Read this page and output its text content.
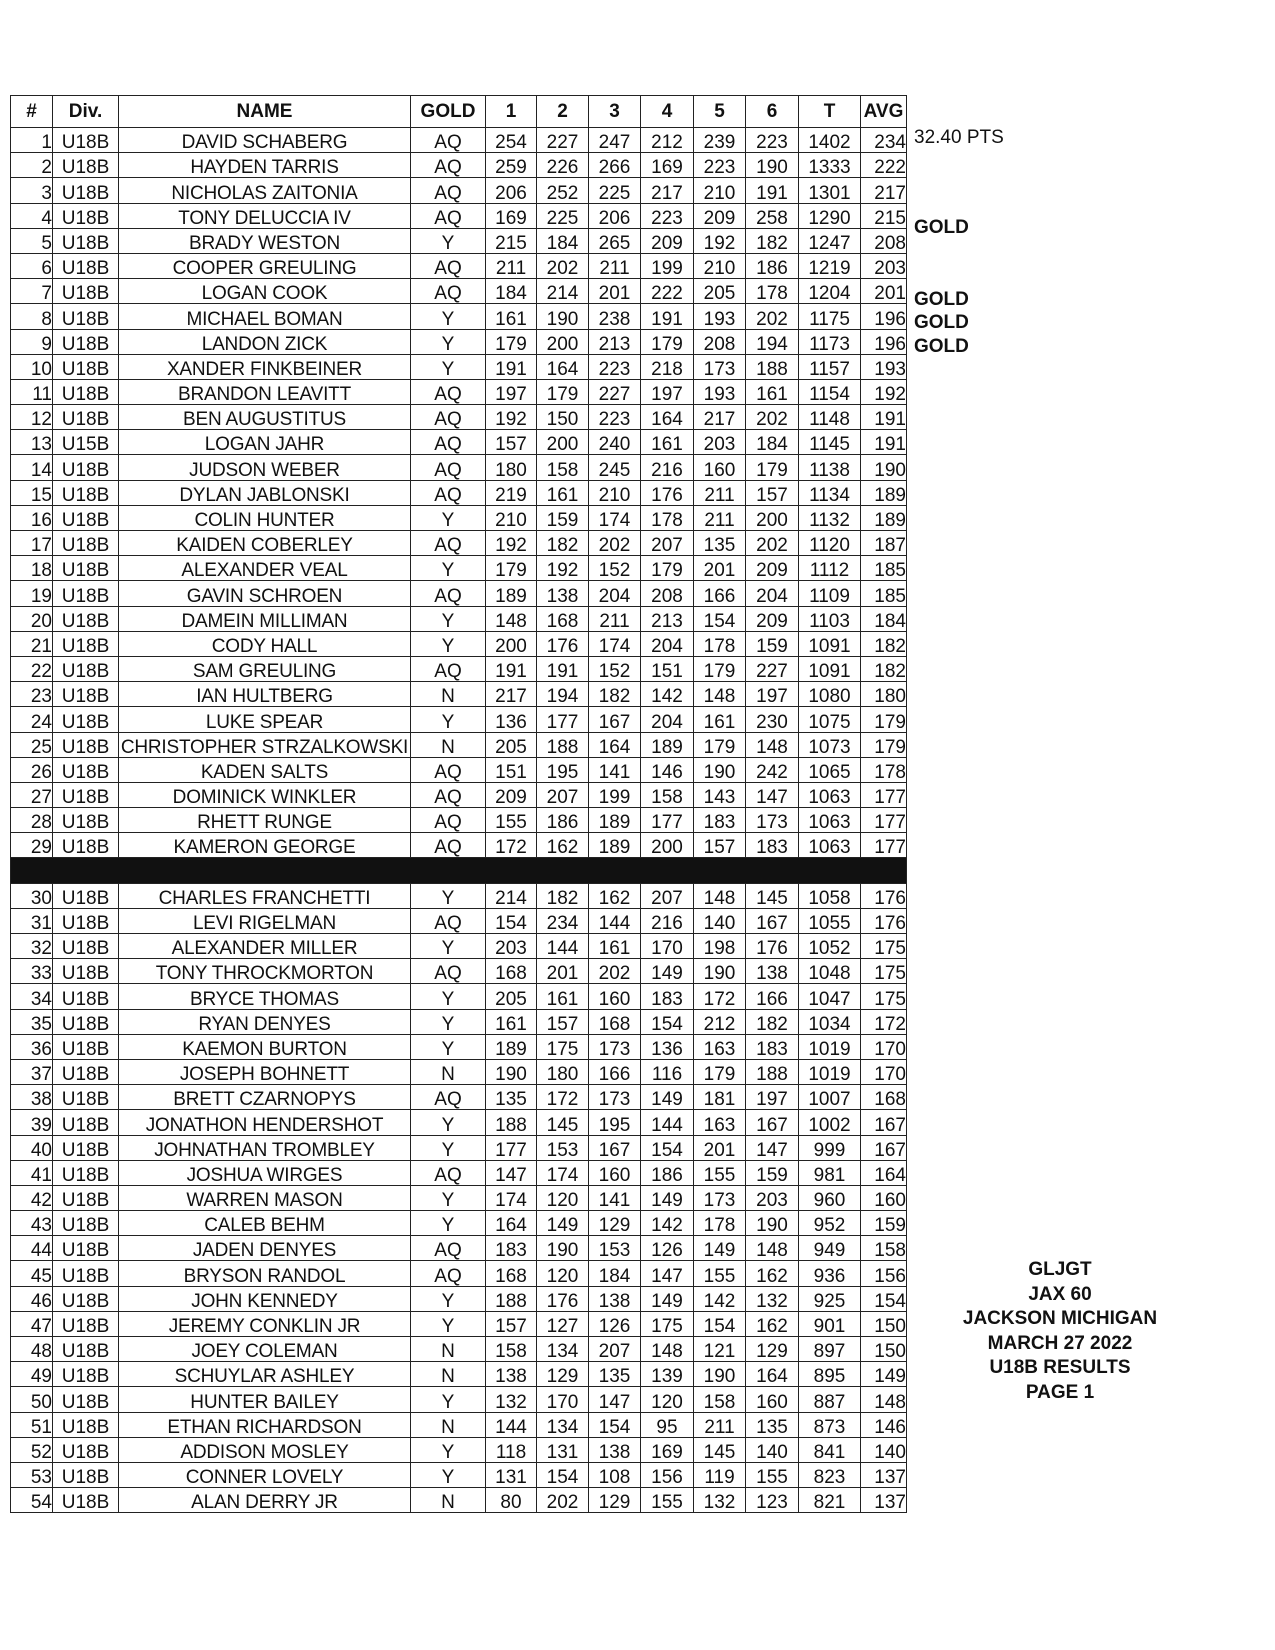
#	Div.	NAME	GOLD	1	2	3	4	5	6	T	AVG
1	U18B	DAVID SCHABERG	AQ	254	227	247	212	239	223	1402	234
2	U18B	HAYDEN TARRIS	AQ	259	226	266	169	223	190	1333	222
3	U18B	NICHOLAS ZAITONIA	AQ	206	252	225	217	210	191	1301	217
4	U18B	TONY DELUCCIA IV	AQ	169	225	206	223	209	258	1290	215
5	U18B	BRADY WESTON	Y	215	184	265	209	192	182	1247	208
6	U18B	COOPER GREULING	AQ	211	202	211	199	210	186	1219	203
7	U18B	LOGAN COOK	AQ	184	214	201	222	205	178	1204	201
8	U18B	MICHAEL BOMAN	Y	161	190	238	191	193	202	1175	196
9	U18B	LANDON ZICK	Y	179	200	213	179	208	194	1173	196
10	U18B	XANDER FINKBEINER	Y	191	164	223	218	173	188	1157	193
11	U18B	BRANDON LEAVITT	AQ	197	179	227	197	193	161	1154	192
12	U18B	BEN AUGUSTITUS	AQ	192	150	223	164	217	202	1148	191
13	U15B	LOGAN JAHR	AQ	157	200	240	161	203	184	1145	191
14	U18B	JUDSON WEBER	AQ	180	158	245	216	160	179	1138	190
15	U18B	DYLAN JABLONSKI	AQ	219	161	210	176	211	157	1134	189
16	U18B	COLIN HUNTER	Y	210	159	174	178	211	200	1132	189
17	U18B	KAIDEN COBERLEY	AQ	192	182	202	207	135	202	1120	187
18	U18B	ALEXANDER VEAL	Y	179	192	152	179	201	209	1112	185
19	U18B	GAVIN SCHROEN	AQ	189	138	204	208	166	204	1109	185
20	U18B	DAMEIN MILLIMAN	Y	148	168	211	213	154	209	1103	184
21	U18B	CODY HALL	Y	200	176	174	204	178	159	1091	182
22	U18B	SAM GREULING	AQ	191	191	152	151	179	227	1091	182
23	U18B	IAN HULTBERG	N	217	194	182	142	148	197	1080	180
24	U18B	LUKE SPEAR	Y	136	177	167	204	161	230	1075	179
25	U18B	CHRISTOPHER STRZALKOWSKI	N	205	188	164	189	179	148	1073	179
26	U18B	KADEN SALTS	AQ	151	195	141	146	190	242	1065	178
27	U18B	DOMINICK WINKLER	AQ	209	207	199	158	143	147	1063	177
28	U18B	RHETT RUNGE	AQ	155	186	189	177	183	173	1063	177
29	U18B	KAMERON GEORGE	AQ	172	162	189	200	157	183	1063	177

30	U18B	CHARLES FRANCHETTI	Y	214	182	162	207	148	145	1058	176
31	U18B	LEVI RIGELMAN	AQ	154	234	144	216	140	167	1055	176
32	U18B	ALEXANDER MILLER	Y	203	144	161	170	198	176	1052	175
33	U18B	TONY THROCKMORTON	AQ	168	201	202	149	190	138	1048	175
34	U18B	BRYCE THOMAS	Y	205	161	160	183	172	166	1047	175
35	U18B	RYAN DENYES	Y	161	157	168	154	212	182	1034	172
36	U18B	KAEMON BURTON	Y	189	175	173	136	163	183	1019	170
37	U18B	JOSEPH BOHNETT	N	190	180	166	116	179	188	1019	170
38	U18B	BRETT CZARNOPYS	AQ	135	172	173	149	181	197	1007	168
39	U18B	JONATHON HENDERSHOT	Y	188	145	195	144	163	167	1002	167
40	U18B	JOHNATHAN TROMBLEY	Y	177	153	167	154	201	147	999	167
41	U18B	JOSHUA WIRGES	AQ	147	174	160	186	155	159	981	164
42	U18B	WARREN MASON	Y	174	120	141	149	173	203	960	160
43	U18B	CALEB BEHM	Y	164	149	129	142	178	190	952	159
44	U18B	JADEN DENYES	AQ	183	190	153	126	149	148	949	158
45	U18B	BRYSON RANDOL	AQ	168	120	184	147	155	162	936	156
46	U18B	JOHN KENNEDY	Y	188	176	138	149	142	132	925	154
47	U18B	JEREMY CONKLIN JR	Y	157	127	126	175	154	162	901	150
48	U18B	JOEY COLEMAN	N	158	134	207	148	121	129	897	150
49	U18B	SCHUYLAR ASHLEY	N	138	129	135	139	190	164	895	149
50	U18B	HUNTER BAILEY	Y	132	170	147	120	158	160	887	148
51	U18B	ETHAN RICHARDSON	N	144	134	154	95	211	135	873	146
52	U18B	ADDISON MOSLEY	Y	118	131	138	169	145	140	841	140
53	U18B	CONNER LOVELY	Y	131	154	108	156	119	155	823	137
54	U18B	ALAN DERRY JR	N	80	202	129	155	132	123	821	137
32.40 PTS
GOLD
GOLD
GOLD
GOLD
GLJGT
JAX 60
JACKSON MICHIGAN
MARCH 27 2022
U18B RESULTS
PAGE 1
